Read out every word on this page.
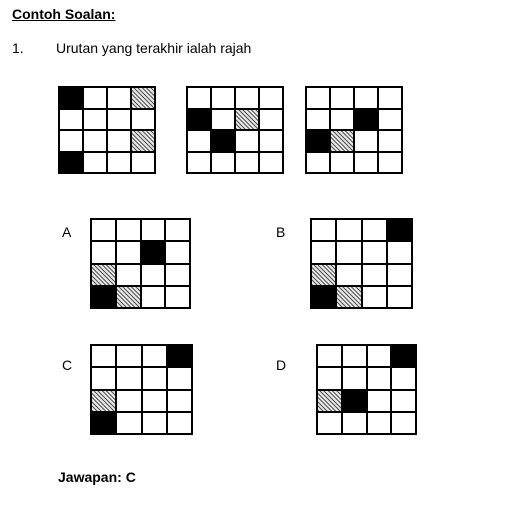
Contoh Soalan:
1. Urutan yang terakhir ialah rajah
A	B
C	D
Jawapan: C
